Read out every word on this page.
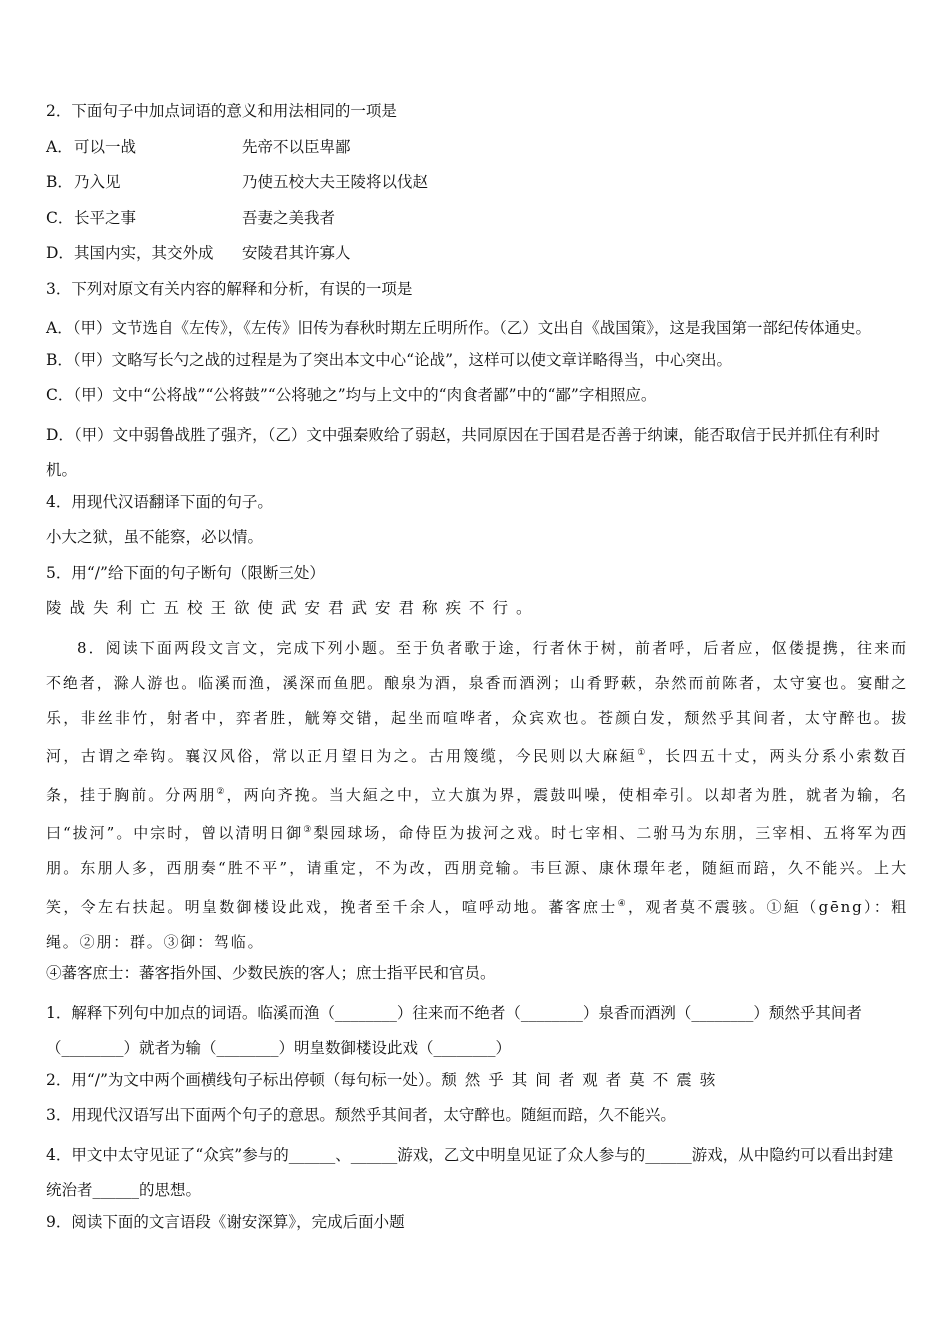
2．下面句子中加点词语的意义和用法相同的一项是
A．可以一战	先帝不以臣卑鄙
B．乃入见	乃使五校大夫王陵将以伐赵
C．长平之事	吾妻之美我者
D．其国内实，其交外成 安陵君其许寡人
3．下列对原文有关内容的解释和分析，有误的一项是
A．（甲）文节选自《左传》，《左传》旧传为春秋时期左丘明所作。（乙）文出自《战国策》，这是我国第一部纪传体通史。
B．（甲）文略写长勺之战的过程是为了突出本文中心“论战”，这样可以使文章详略得当，中心突出。
C．（甲）文中“公将战”“公将鼓”“公将驰之”均与上文中的“肉食者鄙”中的“鄙”字相照应。
D．（甲）文中弱鲁战胜了强齐，（乙）文中强秦败给了弱赵，共同原因在于国君是否善于纳谏，能否取信于民并抓住有利时机。
4．用现代汉语翻译下面的句子。
小大之狱，虽不能察，必以情。
5．用“/”给下面的句子断句（限断三处）
陵战失利亡五校王欲使武安君武安君称疾不行。
8．阅读下面两段文言文，完成下列小题。至于负者歌于途，行者休于树，前者呼，后者应，伛偻提携，往来而不绝者，滁人游也。临溪而渔，溪深而鱼肥。酿泉为酒，泉香而酒洌；山肴野蔌，杂然而前陈者，太守宴也。宴酣之乐，非丝非竹，射者中，弈者胜，觥筹交错，起坐而喧哗者，众宾欢也。苍颜白发，颓然乎其间者，太守醉也。拔河，古谓之牵钩。襄汉风俗，常以正月望日为之。古用篾缆，今民则以大麻絙①，长四五十丈，两头分系小索数百条，挂于胸前。分两朋②，两向齐挽。当大絙之中，立大旗为界，震鼓叫噪，使相牵引。以却者为胜，就者为输，名曰“拔河”。中宗时，曾以清明日御③梨园球场，命侍臣为拔河之戏。时七宰相、二驸马为东朋，三宰相、五将军为西朋。东朋人多，西朋奏“胜不平”，请重定，不为改，西朋竞输。韦巨源、康休璟年老，随絙而踣，久不能兴。上大笑，令左右扶起。明皇数御楼设此戏，挽者至千余人，喧呼动地。蕃客庶士④，观者莫不震骇。①絙（gēng）：粗绳。②朋：群。③御：驾临。
④蕃客庶士：蕃客指外国、少数民族的客人；庶士指平民和官员。
1．解释下列句中加点的词语。临溪而渔（________）往来而不绝者（________）泉香而酒洌（________）颓然乎其间者（________）就者为输（________）明皇数御楼设此戏（________）
2．用“/”为文中两个画横线句子标出停顿（每句标一处）。颓然乎其间者观者莫不震骇
3．用现代汉语写出下面两个句子的意思。颓然乎其间者，太守醉也。随絙而踣，久不能兴。
4．甲文中太守见证了“众宾”参与的______、______游戏，乙文中明皇见证了众人参与的______游戏，从中隐约可以看出封建统治者______的思想。
9．阅读下面的文言语段《谢安深算》，完成后面小题
